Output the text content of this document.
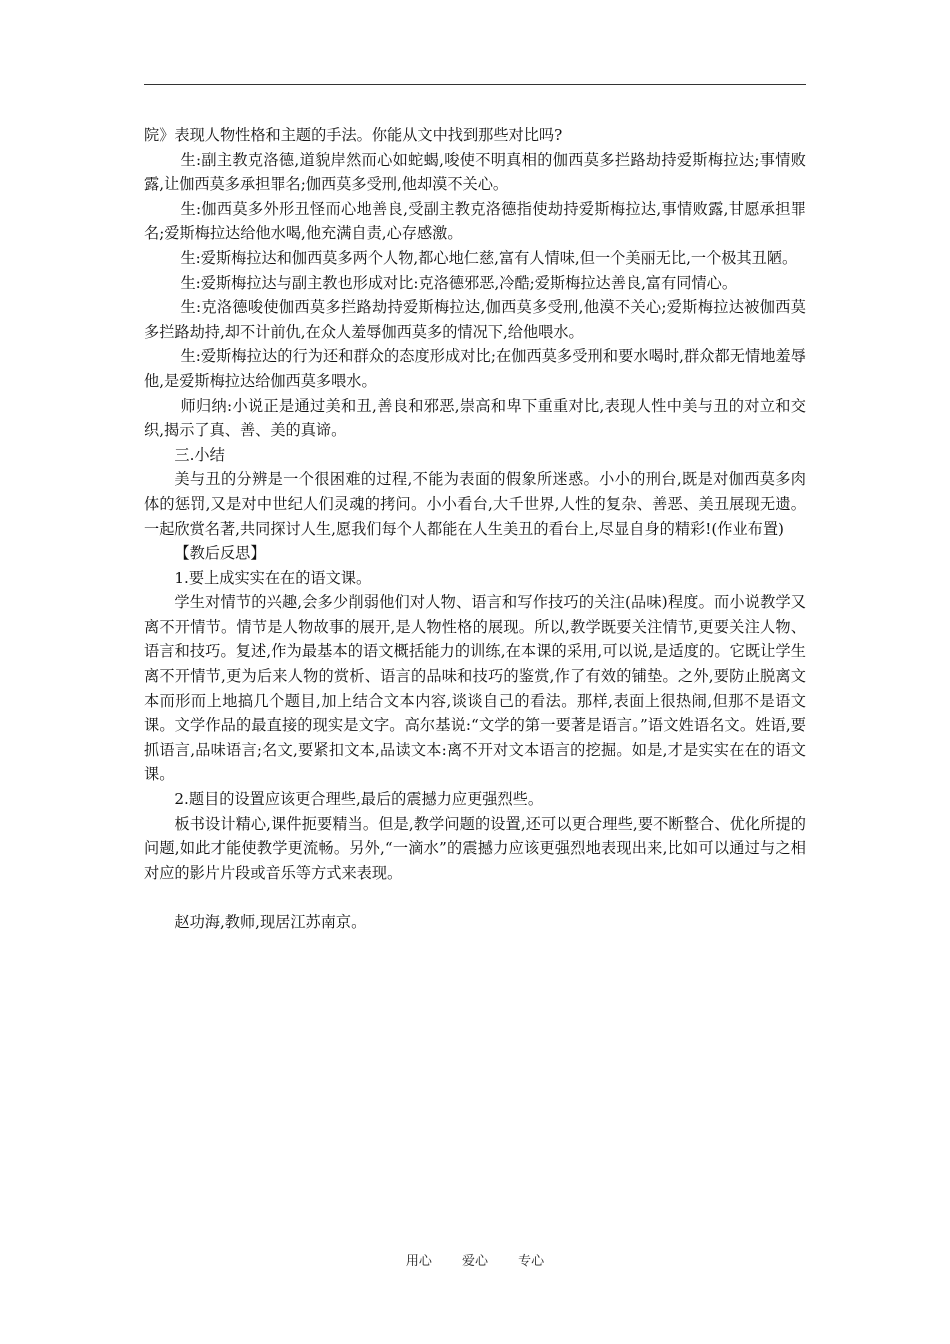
院》表现人物性格和主题的手法。你能从文中找到那些对比吗?

生:副主教克洛德,道貌岸然而心如蛇蝎,唆使不明真相的伽西莫多拦路劫持爱斯梅拉达;事情败露,让伽西莫多承担罪名;伽西莫多受刑,他却漠不关心。

生:伽西莫多外形丑怪而心地善良,受副主教克洛德指使劫持爱斯梅拉达,事情败露,甘愿承担罪名;爱斯梅拉达给他水喝,他充满自责,心存感激。

生:爱斯梅拉达和伽西莫多两个人物,都心地仁慈,富有人情味,但一个美丽无比,一个极其丑陋。

生:爱斯梅拉达与副主教也形成对比:克洛德邪恶,冷酷;爱斯梅拉达善良,富有同情心。

生:克洛德唆使伽西莫多拦路劫持爱斯梅拉达,伽西莫多受刑,他漠不关心;爱斯梅拉达被伽西莫多拦路劫持,却不计前仇,在众人羞辱伽西莫多的情况下,给他喂水。

生:爱斯梅拉达的行为还和群众的态度形成对比;在伽西莫多受刑和要水喝时,群众都无情地羞辱他,是爱斯梅拉达给伽西莫多喂水。

师归纳:小说正是通过美和丑,善良和邪恶,崇高和卑下重重对比,表现人性中美与丑的对立和交织,揭示了真、善、美的真谛。

三.小结

美与丑的分辨是一个很困难的过程,不能为表面的假象所迷惑。小小的刑台,既是对伽西莫多肉体的惩罚,又是对中世纪人们灵魂的拷问。小小看台,大千世界,人性的复杂、善恶、美丑展现无遗。一起欣赏名著,共同探讨人生,愿我们每个人都能在人生美丑的看台上,尽显自身的精彩!(作业布置)

【教后反思】

1.要上成实实在在的语文课。

学生对情节的兴趣,会多少削弱他们对人物、语言和写作技巧的关注(品味)程度。而小说教学又离不开情节。情节是人物故事的展开,是人物性格的展现。所以,教学既要关注情节,更要关注人物、语言和技巧。复述,作为最基本的语文概括能力的训练,在本课的采用,可以说,是适度的。它既让学生离不开情节,更为后来人物的赏析、语言的品味和技巧的鉴赏,作了有效的铺垫。之外,要防止脱离文本而形而上地搞几个题目,加上结合文本内容,谈谈自己的看法。那样,表面上很热闹,但那不是语文课。文学作品的最直接的现实是文字。高尔基说:“文学的第一要著是语言。”语文姓语名文。姓语,要抓语言,品味语言;名文,要紧扣文本,品读文本:离不开对文本语言的挖掘。如是,才是实实在在的语文课。

2.题目的设置应该更合理些,最后的震撼力应更强烈些。

板书设计精心,课件扼要精当。但是,教学问题的设置,还可以更合理些,要不断整合、优化所提的问题,如此才能使教学更流畅。另外,“一滴水”的震撼力应该更强烈地表现出来,比如可以通过与之相对应的影片片段或音乐等方式来表现。

赵功海,教师,现居江苏南京。

用心 爱心 专心
